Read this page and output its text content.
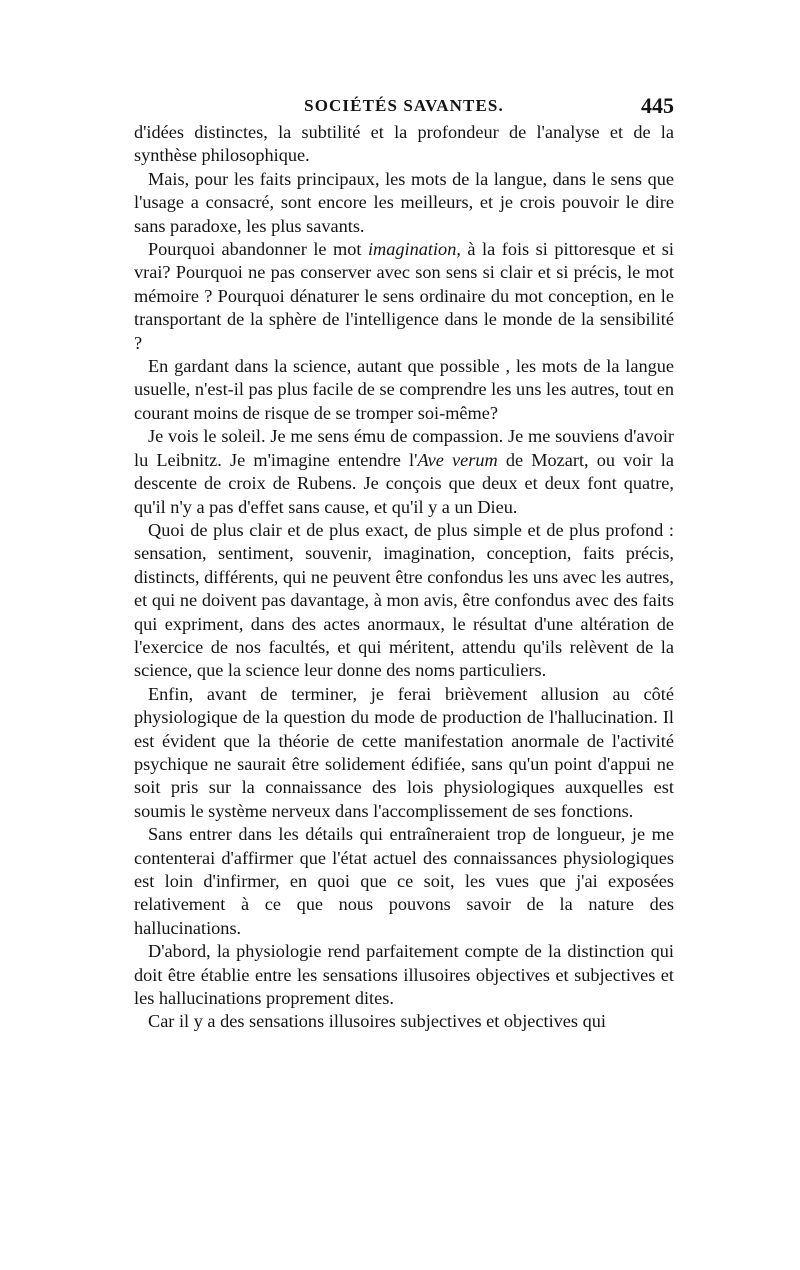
SOCIÉTÉS SAVANTES.	445

d'idées distinctes, la subtilité et la profondeur de l'analyse et de la synthèse philosophique.

Mais, pour les faits principaux, les mots de la langue, dans le sens que l'usage a consacré, sont encore les meilleurs, et je crois pouvoir le dire sans paradoxe, les plus savants.

Pourquoi abandonner le mot imagination, à la fois si pittoresque et si vrai? Pourquoi ne pas conserver avec son sens si clair et si précis, le mot mémoire ? Pourquoi dénaturer le sens ordinaire du mot conception, en le transportant de la sphère de l'intelligence dans le monde de la sensibilité ?

En gardant dans la science, autant que possible , les mots de la langue usuelle, n'est-il pas plus facile de se comprendre les uns les autres, tout en courant moins de risque de se tromper soi-même?

Je vois le soleil. Je me sens ému de compassion. Je me souviens d'avoir lu Leibnitz. Je m'imagine entendre l'Ave verum de Mozart, ou voir la descente de croix de Rubens. Je conçois que deux et deux font quatre, qu'il n'y a pas d'effet sans cause, et qu'il y a un Dieu.

Quoi de plus clair et de plus exact, de plus simple et de plus profond : sensation, sentiment, souvenir, imagination, conception, faits précis, distincts, différents, qui ne peuvent être confondus les uns avec les autres, et qui ne doivent pas davantage, à mon avis, être confondus avec des faits qui expriment, dans des actes anormaux, le résultat d'une altération de l'exercice de nos facultés, et qui méritent, attendu qu'ils relèvent de la science, que la science leur donne des noms particuliers.

Enfin, avant de terminer, je ferai brièvement allusion au côté physiologique de la question du mode de production de l'hallucination. Il est évident que la théorie de cette manifestation anormale de l'activité psychique ne saurait être solidement édifiée, sans qu'un point d'appui ne soit pris sur la connaissance des lois physiologiques auxquelles est soumis le système nerveux dans l'accomplissement de ses fonctions.

Sans entrer dans les détails qui entraîneraient trop de longueur, je me contenterai d'affirmer que l'état actuel des connaissances physiologiques est loin d'infirmer, en quoi que ce soit, les vues que j'ai exposées relativement à ce que nous pouvons savoir de la nature des hallucinations.

D'abord, la physiologie rend parfaitement compte de la distinction qui doit être établie entre les sensations illusoires objectives et subjectives et les hallucinations proprement dites.

Car il y a des sensations illusoires subjectives et objectives qui
